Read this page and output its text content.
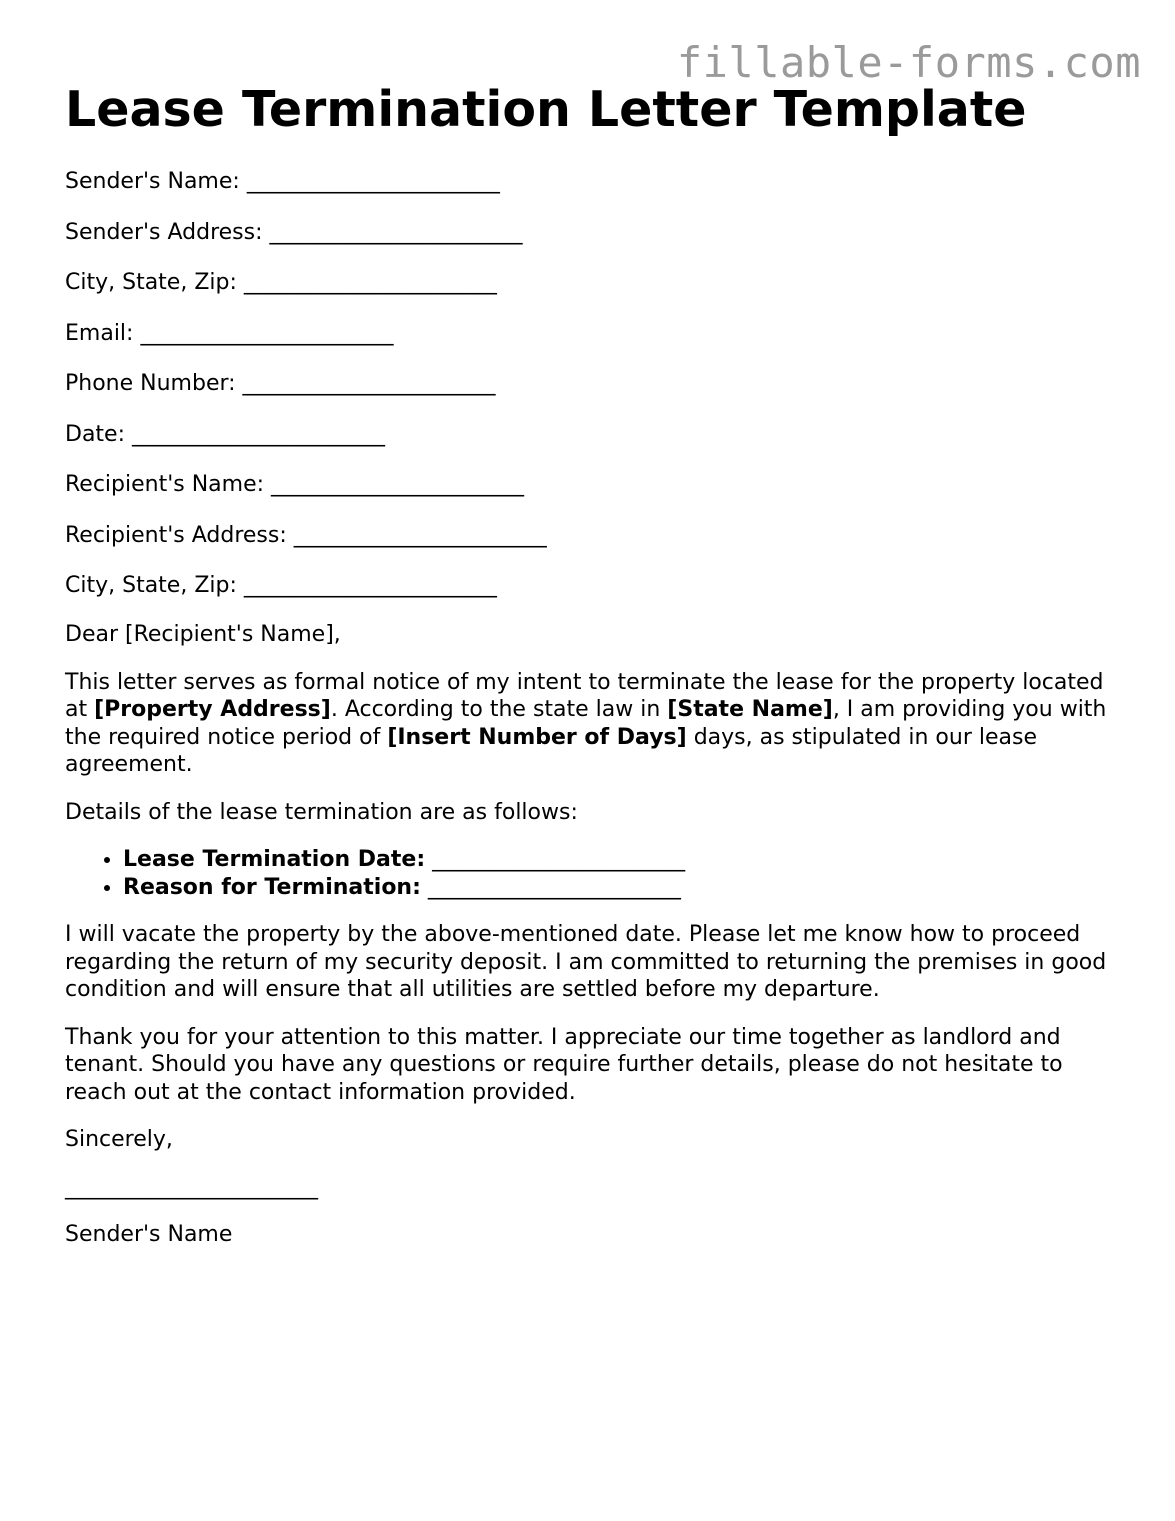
fillable-forms.com
Lease Termination Letter Template
Sender's Name: _______________________
Sender's Address: _______________________
City, State, Zip: _______________________
Email: _______________________
Phone Number: _______________________
Date: _______________________
Recipient's Name: _______________________
Recipient's Address: _______________________
City, State, Zip: _______________________

Dear [Recipient's Name],

This letter serves as formal notice of my intent to terminate the lease for the property located at [Property Address]. According to the state law in [State Name], I am providing you with the required notice period of [Insert Number of Days] days, as stipulated in our lease agreement.

Details of the lease termination are as follows:

• Lease Termination Date: _______________________
• Reason for Termination: _______________________

I will vacate the property by the above-mentioned date. Please let me know how to proceed regarding the return of my security deposit. I am committed to returning the premises in good condition and will ensure that all utilities are settled before my departure.

Thank you for your attention to this matter. I appreciate our time together as landlord and tenant. Should you have any questions or require further details, please do not hesitate to reach out at the contact information provided.

Sincerely,

_______________________

Sender's Name
